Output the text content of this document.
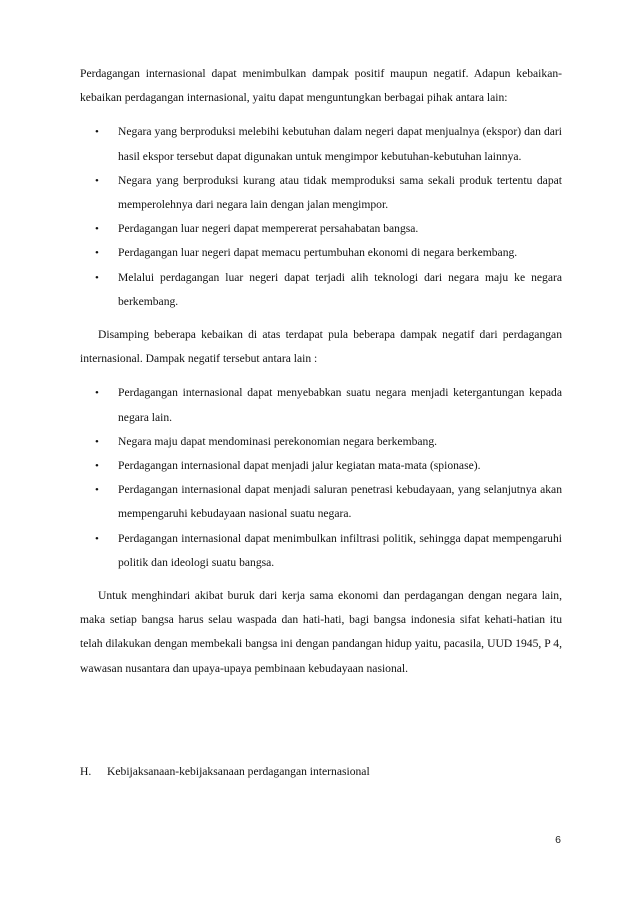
Perdagangan internasional dapat menimbulkan dampak positif maupun negatif. Adapun kebaikan-kebaikan perdagangan internasional, yaitu dapat menguntungkan berbagai pihak antara lain:

• Negara yang berproduksi melebihi kebutuhan dalam negeri dapat menjualnya (ekspor) dan dari hasil ekspor tersebut dapat digunakan untuk mengimpor kebutuhan-kebutuhan lainnya.
• Negara yang berproduksi kurang atau tidak memproduksi sama sekali produk tertentu dapat memperolehnya dari negara lain dengan jalan mengimpor.
• Perdagangan luar negeri dapat mempererat persahabatan bangsa.
• Perdagangan luar negeri dapat memacu pertumbuhan ekonomi di negara berkembang.
• Melalui perdagangan luar negeri dapat terjadi alih teknologi dari negara maju ke negara berkembang.

Disamping beberapa kebaikan di atas terdapat pula beberapa dampak negatif dari perdagangan internasional. Dampak negatif tersebut antara lain :

• Perdagangan internasional dapat menyebabkan suatu negara menjadi ketergantungan kepada negara lain.
• Negara maju dapat mendominasi perekonomian negara berkembang.
• Perdagangan internasional dapat menjadi jalur kegiatan mata-mata (spionase).
• Perdagangan internasional dapat menjadi saluran penetrasi kebudayaan, yang selanjutnya akan mempengaruhi kebudayaan nasional suatu negara.
• Perdagangan internasional dapat menimbulkan infiltrasi politik, sehingga dapat mempengaruhi politik dan ideologi suatu bangsa.

Untuk menghindari akibat buruk dari kerja sama ekonomi dan perdagangan dengan negara lain, maka setiap bangsa harus selau waspada dan hati-hati, bagi bangsa indonesia sifat kehati-hatian itu telah dilakukan dengan membekali bangsa ini dengan pandangan hidup yaitu, pacasila, UUD 1945, P 4, wawasan nusantara dan upaya-upaya pembinaan kebudayaan nasional.

H. Kebijaksanaan-kebijaksanaan perdagangan internasional
6
